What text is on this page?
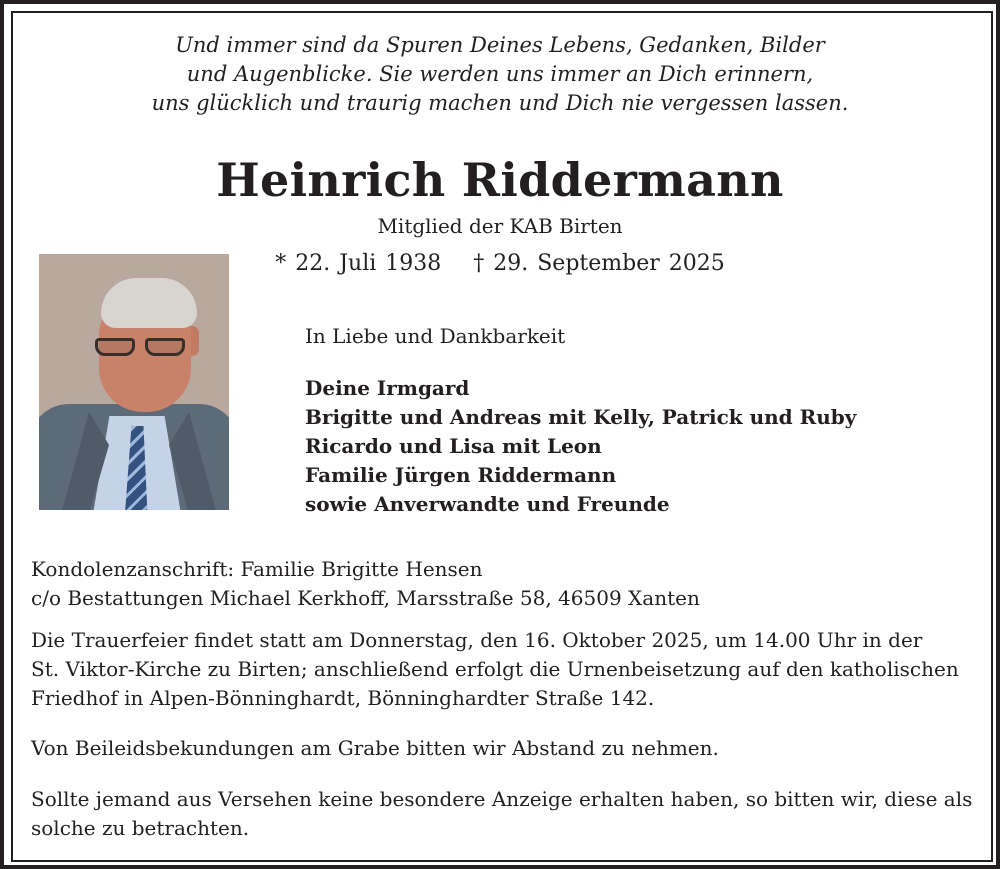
Und immer sind da Spuren Deines Lebens, Gedanken, Bilder
und Augenblicke. Sie werden uns immer an Dich erinnern,
uns glücklich und traurig machen und Dich nie vergessen lassen.
Heinrich Riddermann
Mitglied der KAB Birten
* 22. Juli 1938 † 29. September 2025
In Liebe und Dankbarkeit
Deine Irmgard
Brigitte und Andreas mit Kelly, Patrick und Ruby
Ricardo und Lisa mit Leon
Familie Jürgen Riddermann
sowie Anverwandte und Freunde
Kondolenzanschrift: Familie Brigitte Hensen
c/o Bestattungen Michael Kerkhoff, Marsstraße 58, 46509 Xanten
Die Trauerfeier findet statt am Donnerstag, den 16. Oktober 2025, um 14.00 Uhr in der
St. Viktor-Kirche zu Birten; anschließend erfolgt die Urnenbeisetzung auf den katholischen
Friedhof in Alpen-Bönninghardt, Bönninghardter Straße 142.
Von Beileidsbekundungen am Grabe bitten wir Abstand zu nehmen.
Sollte jemand aus Versehen keine besondere Anzeige erhalten haben, so bitten wir, diese als
solche zu betrachten.
